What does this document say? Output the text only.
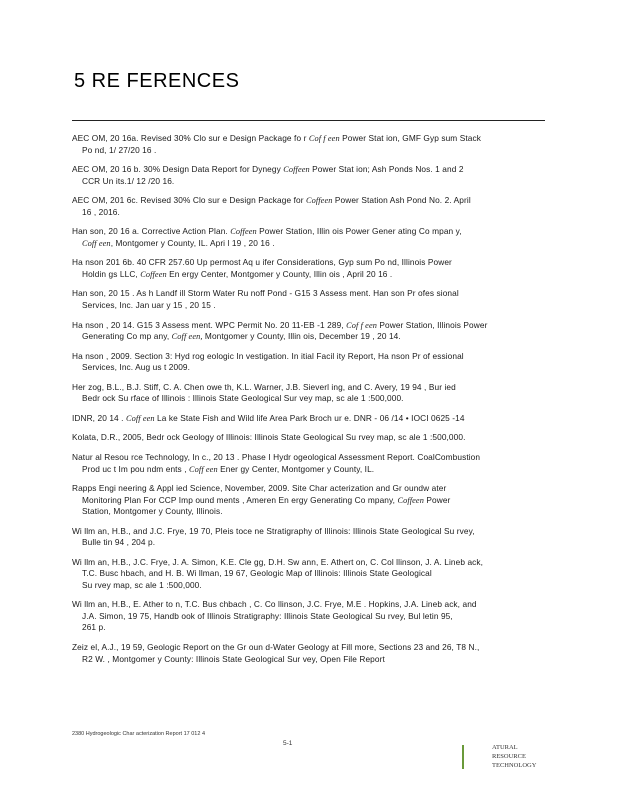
5 RE FERENCES

AEC OM, 20 16a. Revised 30% Clo sur e Design Package fo r Cof f een Power Stat ion, GMF Gyp sum Stack

Po nd, 1/ 27/20 16 .

AEC OM, 20 16 b. 30% Design Data Report for Dynegy Coffeen Power Stat ion; Ash Ponds Nos. 1 and 2

CCR Un its.1/ 12 /20 16.

AEC OM, 201 6c. Revised 30% Clo sur e Design Package for Coffeen Power Station Ash Pond No. 2. April

16 , 2016.

Han son, 20 16 a. Corrective Action Plan. Coffeen Power Station, Illin ois Power Gener ating Co mpan y,

Coff een, Montgomer y County, IL. Apri l 19 , 20 16 .

Ha nson 201 6b. 40 CFR 257.60 Up permost Aq u ifer Considerations, Gyp sum Po nd, Illinois Power

Holdin gs LLC, Coffeen En ergy Center, Montgomer y County, Illin ois , April 20 16 .

Han son, 20 15 . As h Landf ill Storm Water Ru noff Pond - G15 3 Assess ment. Han son Pr ofes sional

Services, Inc. Jan uar y 15 , 20 15 .

Ha nson , 20 14. G15 3 Assess ment. WPC Permit No. 20 11-EB -1 289, Cof f een Power Station, Illinois Power

Generating Co mp any, Coff een, Montgomer y County, Illin ois, December 19 , 20 14.

Ha nson , 2009. Section 3: Hyd rog eologic In vestigation. In itial Facil ity Report, Ha nson Pr of essional

Services, Inc. Aug us t 2009.

Her zog, B.L., B.J. Stiff, C. A. Chen owe th, K.L. Warner, J.B. Sieverl ing, and C. Avery, 19 94 , Bur ied

Bedr ock Su rface of Illinois : Illinois State Geological Sur vey map, sc ale 1 :500,000.

IDNR, 20 14 . Coff een La ke State Fish and Wild life Area Park Broch ur e. DNR - 06 /14 • IOCI 0625 -14

Kolata, D.R., 2005, Bedr ock Geology of Illinois: Illinois State Geological Su rvey map, sc ale 1 :500,000.

Natur al Resou rce Technology, In c., 20 13 . Phase I Hydr ogeological Assessment Report. CoalCombustion

Prod uc t Im pou ndm ents , Coff een Ener gy Center, Montgomer y County, IL.

Rapps Engi neering & Appl ied Science, November, 2009. Site Char acterization and Gr oundw ater

Monitoring Plan For CCP Imp ound ments , Ameren En ergy Generating Co mpany, Coffeen Power

Station, Montgomer y County, Illinois.

Wi llm an, H.B., and J.C. Frye, 19 70, Pleis toce ne Stratigraphy of Illinois: Illinois State Geological Su rvey,

Bulle tin 94 , 204 p.

Wi llm an, H.B., J.C. Frye, J. A. Simon, K.E. Cle gg, D.H. Sw ann, E. Athert on, C. Col llinson, J. A. Lineb ack,

T.C. Busc hbach, and H. B. Wi llman, 19 67, Geologic Map of Illinois: Illinois State Geological

Su rvey map, sc ale 1 :500,000.

Wi llm an, H.B., E. Ather to n, T.C. Bus chbach , C. Co llinson, J.C. Frye, M.E . Hopkins, J.A. Lineb ack, and

J.A. Simon, 19 75, Handb ook of Illinois Stratigraphy: Illinois State Geological Su rvey, Bul letin 95,

261 p.

Zeiz el, A.J., 19 59, Geologic Report on the Gr oun d-Water Geology at Fill more, Sections 23 and 26, T8 N.,

R2 W. , Montgomer y County: Illinois State Geological Sur vey, Open File Report

2380 Hydrogeologic Char acterization Report 17 012 4
5-1
ATURAL
RESOURCE
TECHNOLOGY
